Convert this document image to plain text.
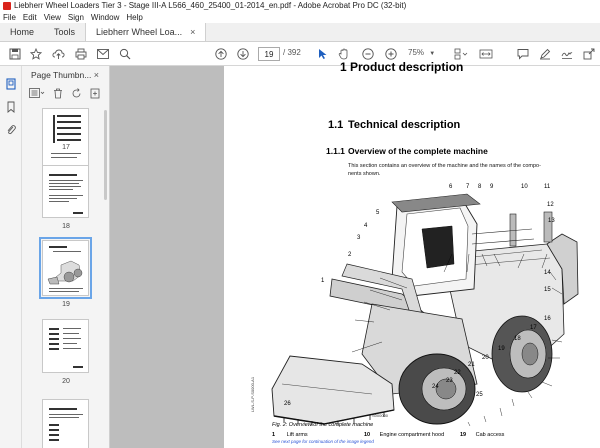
Liebherr Wheel Loaders Tier 3 - Stage III-A L566_460_25400_01-2014_en.pdf - Adobe Acrobat Pro DC (32-bit)
File Edit View Sign Window Help
Home	Tools	Liebherr Wheel Loa... ×
19	/ 392	75% ▼
Page Thumbn... ×
17
18
19
20
1 Product description
1.1 Technical description
1.1.1 Overview of the complete machine
This section contains an overview of the machine and the names of the compo-
nents shown.
1
2
3
4
5
6 7 8 9	10	11
12
13
14
15
16
17
18
19
20
21
22
23
24
25
26
S000000
LWL-S-P-S0000-A1
Fig. 2: Overview of the complete machine
1 Lift arms	10 Engine compartment hood	19 Cab access
See next page for continuation of the image legend
